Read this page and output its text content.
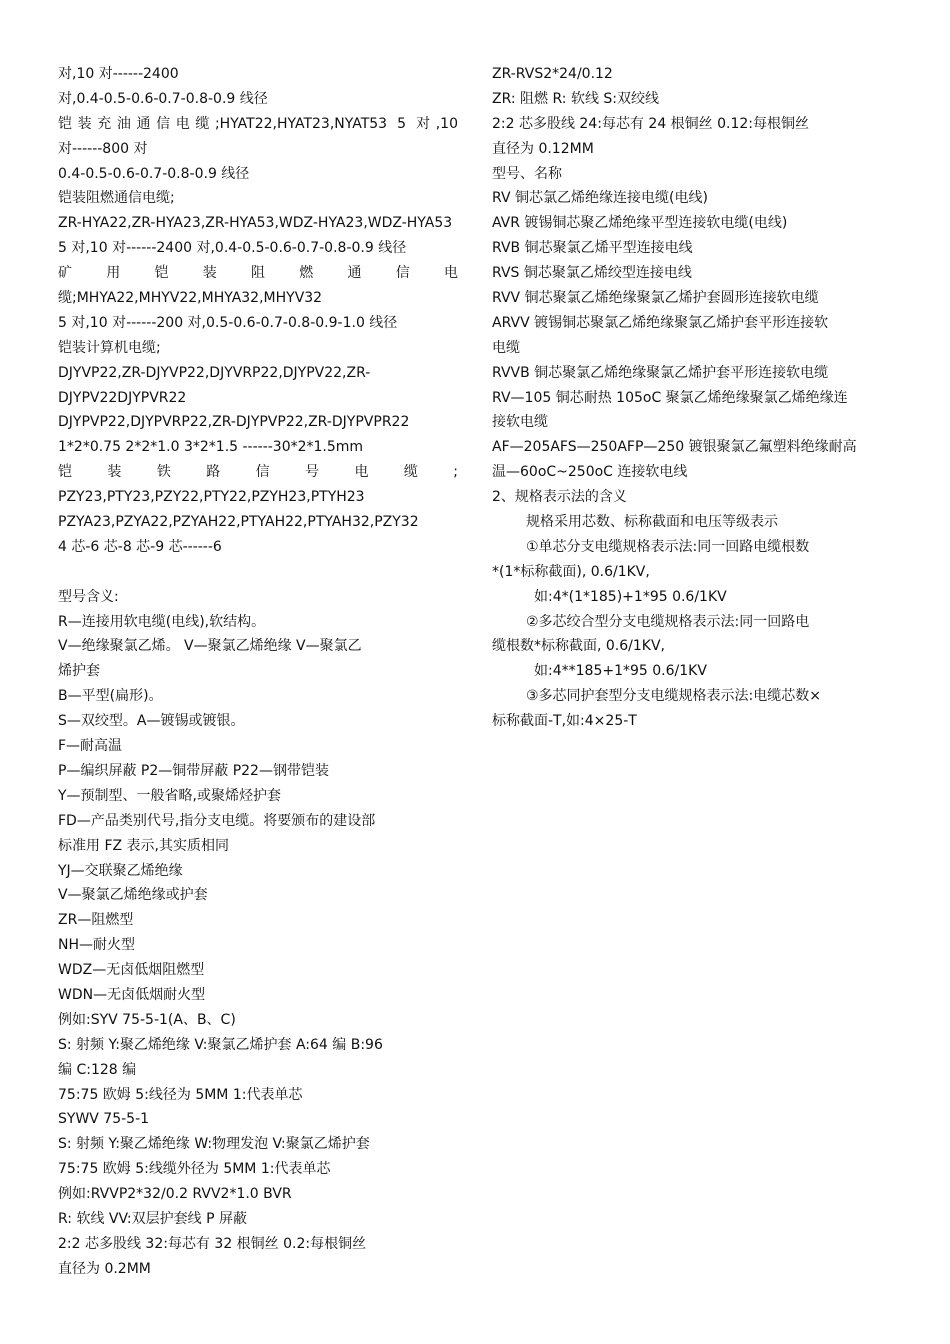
对,10 对------2400
对,0.4-0.5-0.6-0.7-0.8-0.9 线径
铠装充油通信电缆;HYAT22,HYAT23,NYAT53 5 对,10
对------800 对
0.4-0.5-0.6-0.7-0.8-0.9 线径
铠装阻燃通信电缆;
ZR-HYA22,ZR-HYA23,ZR-HYA53,WDZ-HYA23,WDZ-HYA53
5 对,10 对------2400 对,0.4-0.5-0.6-0.7-0.8-0.9 线径
矿用铠装阻燃通信电
缆;MHYA22,MHYV22,MHYA32,MHYV32
5 对,10 对------200 对,0.5-0.6-0.7-0.8-0.9-1.0 线径
铠装计算机电缆;
DJYVP22,ZR-DJYVP22,DJYVRP22,DJYPV22,ZR-
DJYPV22DJYPVR22
DJYPVP22,DJYPVRP22,ZR-DJYPVP22,ZR-DJYPVPR22
1*2*0.75 2*2*1.0 3*2*1.5 ------30*2*1.5mm
铠装铁路信号电缆;
PZY23,PTY23,PZY22,PTY22,PZYH23,PTYH23
PZYA23,PZYA22,PZYAH22,PTYAH22,PTYAH32,PZY32
4 芯-6 芯-8 芯-9 芯------6
型号含义:
R—连接用软电缆(电线),软结构。
V—绝缘聚氯乙烯。 V—聚氯乙烯绝缘 V—聚氯乙
烯护套
B—平型(扁形)。
S—双绞型。A—镀锡或镀银。
F—耐高温
P—编织屏蔽 P2—铜带屏蔽 P22—钢带铠装
Y—预制型、一般省略,或聚烯烃护套
FD—产品类别代号,指分支电缆。将要颁布的建设部
标准用 FZ 表示,其实质相同
YJ—交联聚乙烯绝缘
V—聚氯乙烯绝缘或护套
ZR—阻燃型
NH—耐火型
WDZ—无卤低烟阻燃型
WDN—无卤低烟耐火型
例如:SYV 75-5-1(A、B、C)
S: 射频 Y:聚乙烯绝缘 V:聚氯乙烯护套 A:64 编 B:96
编 C:128 编
75:75 欧姆 5:线径为 5MM 1:代表单芯
SYWV 75-5-1
S: 射频 Y:聚乙烯绝缘 W:物理发泡 V:聚氯乙烯护套
75:75 欧姆 5:线缆外径为 5MM 1:代表单芯
例如:RVVP2*32/0.2 RVV2*1.0 BVR
R: 软线 VV:双层护套线 P 屏蔽
2:2 芯多股线 32:每芯有 32 根铜丝 0.2:每根铜丝
直径为 0.2MM
ZR-RVS2*24/0.12
ZR: 阻燃 R: 软线 S:双绞线
2:2 芯多股线 24:每芯有 24 根铜丝 0.12:每根铜丝
直径为 0.12MM
型号、名称
RV 铜芯氯乙烯绝缘连接电缆(电线)
AVR 镀锡铜芯聚乙烯绝缘平型连接软电缆(电线)
RVB 铜芯聚氯乙烯平型连接电线
RVS 铜芯聚氯乙烯绞型连接电线
RVV 铜芯聚氯乙烯绝缘聚氯乙烯护套圆形连接软电缆
ARVV 镀锡铜芯聚氯乙烯绝缘聚氯乙烯护套平形连接软
电缆
RVVB 铜芯聚氯乙烯绝缘聚氯乙烯护套平形连接软电缆
RV—105 铜芯耐热 105oC 聚氯乙烯绝缘聚氯乙烯绝缘连
接软电缆
AF—205AFS—250AFP—250 镀银聚氯乙氟塑料绝缘耐高
温—60oC~250oC 连接软电线
2、规格表示法的含义
规格采用芯数、标称截面和电压等级表示
①单芯分支电缆规格表示法:同一回路电缆根数
*(1*标称截面), 0.6/1KV,
如:4*(1*185)+1*95 0.6/1KV
②多芯绞合型分支电缆规格表示法:同一回路电
缆根数*标称截面, 0.6/1KV,
如:4**185+1*95 0.6/1KV
③多芯同护套型分支电缆规格表示法:电缆芯数×
标称截面-T,如:4×25-T
